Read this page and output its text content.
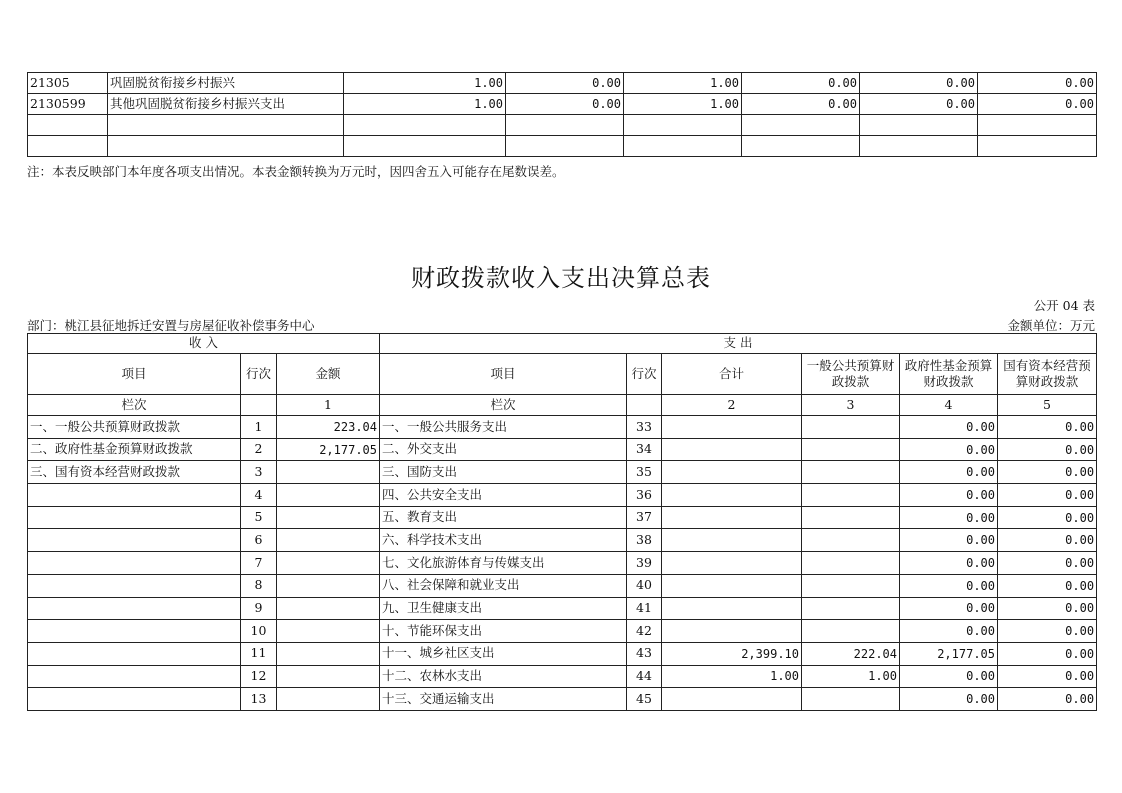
21305	巩固脱贫衔接乡村振兴	1.00	0.00	1.00	0.00	0.00	0.00
2130599	其他巩固脱贫衔接乡村振兴支出	1.00	0.00	1.00	0.00	0.00	0.00

注：本表反映部门本年度各项支出情况。本表金额转换为万元时，因四舍五入可能存在尾数误差。
财政拨款收入支出决算总表
公开 04 表
部门：桃江县征地拆迁安置与房屋征收补偿事务中心	金额单位：万元
收 入			支 出					
项目	行次	金额	项目	行次	合计	一般公共预算财政拨款	政府性基金预算财政拨款	国有资本经营预算财政拨款
栏次		1	栏次		2	3	4	5
一、一般公共预算财政拨款	1	223.04	一、一般公共服务支出	33			0.00	0.00
二、政府性基金预算财政拨款	2	2,177.05	二、外交支出	34			0.00	0.00
三、国有资本经营财政拨款	3		三、国防支出	35			0.00	0.00
	4		四、公共安全支出	36			0.00	0.00
	5		五、教育支出	37			0.00	0.00
	6		六、科学技术支出	38			0.00	0.00
	7		七、文化旅游体育与传媒支出	39			0.00	0.00
	8		八、社会保障和就业支出	40			0.00	0.00
	9		九、卫生健康支出	41			0.00	0.00
	10		十、节能环保支出	42			0.00	0.00
	11		十一、城乡社区支出	43	2,399.10	222.04	2,177.05	0.00
	12		十二、农林水支出	44	1.00	1.00	0.00	0.00
	13		十三、交通运输支出	45			0.00	0.00
